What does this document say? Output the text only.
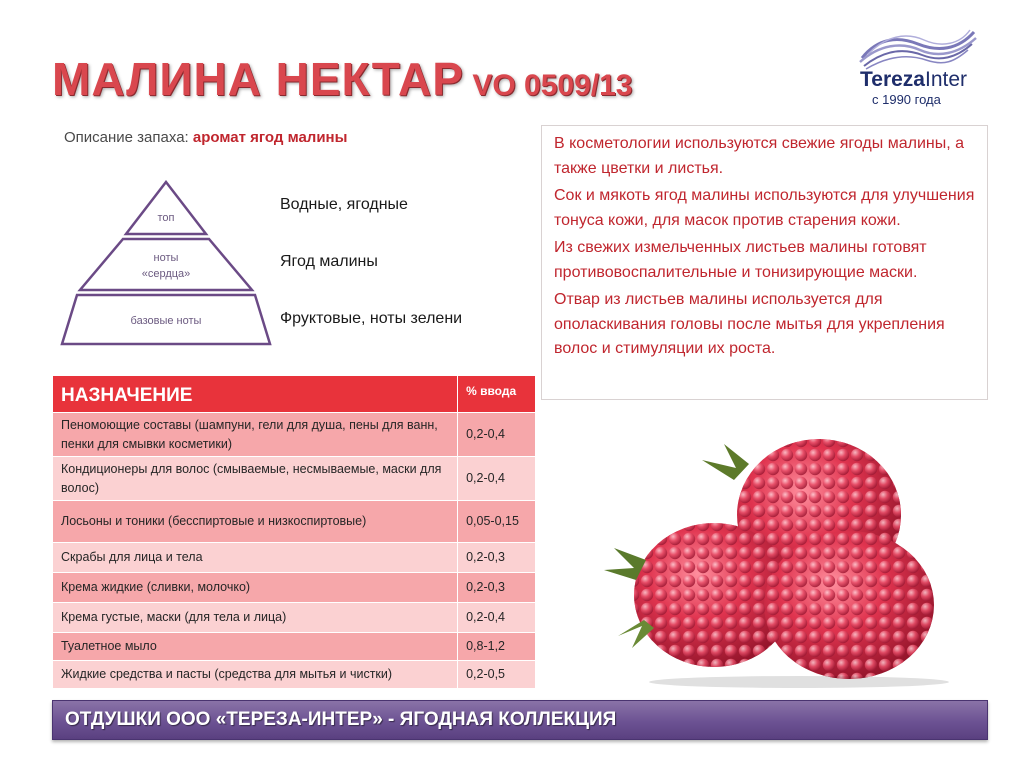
МАЛИНА НЕКТАР VO 0509/13	TerezaInter
с 1990 года
Описание запаха: аромат ягод малины
топ
ноты
«сердца»
базовые ноты
Водные, ягодные
Ягод малины
Фруктовые, ноты зелени

В косметологии используются свежие ягоды малины, а также цветки и листья.

Сок и мякоть ягод малины используются для улучшения тонуса кожи, для масок против старения кожи.

Из свежих измельченных листьев малины готовят противовоспалительные и тонизирующие маски.

Отвар из листьев малины используется для ополаскивания головы после мытья для укрепления волос и стимуляции их роста.

НАЗНАЧЕНИЕ	% ввода
Пеномоющие составы (шампуни, гели для душа, пены для ванн, пенки для смывки косметики)	0,2-0,4
Кондиционеры для волос (смываемые, несмываемые, маски для волос)	0,2-0,4
Лосьоны и тоники (бесспиртовые и низкоспиртовые)	0,05-0,15
Скрабы для лица и тела	0,2-0,3
Крема жидкие (сливки, молочко)	0,2-0,3
Крема густые, маски (для тела и лица)	0,2-0,4
Туалетное мыло	0,8-1,2
Жидкие средства и пасты (средства для мытья и чистки)	0,2-0,5
ОТДУШКИ ООО «ТЕРЕЗА-ИНТЕР» - ЯГОДНАЯ КОЛЛЕКЦИЯ
